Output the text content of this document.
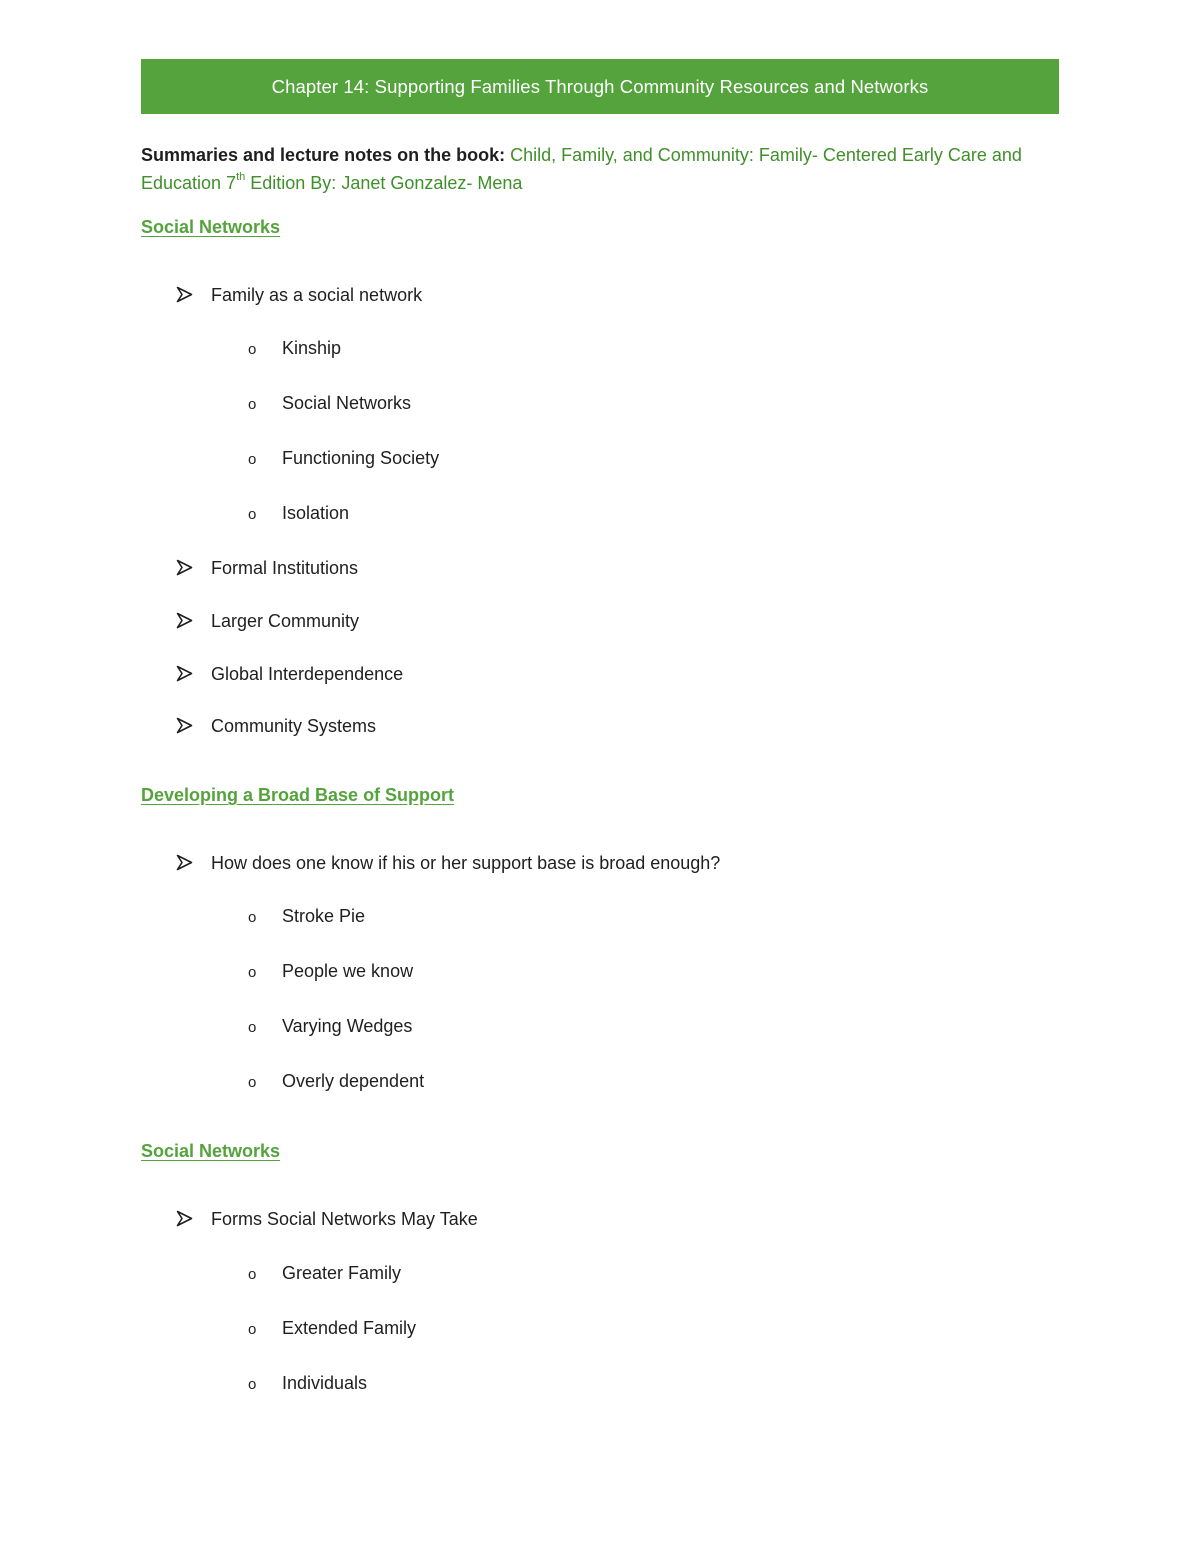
Chapter 14: Supporting Families Through Community Resources and Networks
Summaries and lecture notes on the book: Child, Family, and Community: Family- Centered Early Care and Education 7th Edition By: Janet Gonzalez- Mena
Social Networks
Family as a social network
o Kinship
o Social Networks
o Functioning Society
o Isolation
Formal Institutions
Larger Community
Global Interdependence
Community Systems
Developing a Broad Base of Support
How does one know if his or her support base is broad enough?
o Stroke Pie
o People we know
o Varying Wedges
o Overly dependent
Social Networks
Forms Social Networks May Take
o Greater Family
o Extended Family
o Individuals
